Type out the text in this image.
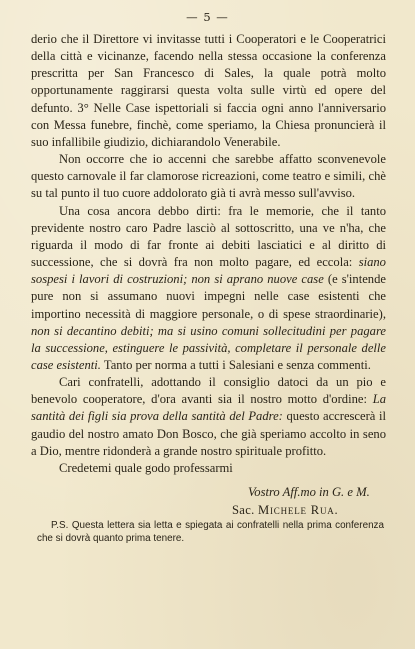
— 5 —

derio che il Direttore vi invitasse tutti i Cooperatori e le Cooperatrici della città e vicinanze, facendo nella stessa occasione la conferenza prescritta per San Francesco di Sales, la quale potrà molto opportunamente raggirarsi questa volta sulle virtù ed opere del defunto. 3° Nelle Case ispettoriali si faccia ogni anno l'anniversario con Messa funebre, finchè, come speriamo, la Chiesa pronuncierà il suo infallibile giudizio, dichiarandolo Venerabile.

Non occorre che io accenni che sarebbe affatto sconvenevole questo carnovale il far clamorose ricreazioni, come teatro e simili, chè su tal punto il tuo cuore addolorato già ti avrà messo sull'avviso.

Una cosa ancora debbo dirti: fra le memorie, che il tanto previdente nostro caro Padre lasciò al sottoscritto, una ve n'ha, che riguarda il modo di far fronte ai debiti lasciatici e al diritto di successione, che si dovrà fra non molto pagare, ed eccola: siano sospesi i lavori di costruzioni; non si aprano nuove case (e s'intende pure non si assumano nuovi impegni nelle case esistenti che importino necessità di maggiore personale, o di spese straordinarie), non si decantino debiti; ma si usino comuni sollecitudini per pagare la successione, estinguere le passività, completare il personale delle case esistenti. Tanto per norma a tutti i Salesiani e senza commenti.

Cari confratelli, adottando il consiglio datoci da un pio e benevolo cooperatore, d'ora avanti sia il nostro motto d'ordine: La santità dei figli sia prova della santità del Padre: questo accrescerà il gaudio del nostro amato Don Bosco, che già speriamo accolto in seno a Dio, mentre ridonderà a grande nostro spirituale profitto.

Credetemi quale godo professarmi

Vostro Aff.mo in G. e M.
Sac. Michele Rua.

P.S. Questa lettera sia letta e spiegata ai confratelli nella prima conferenza che si dovrà quanto prima tenere.
